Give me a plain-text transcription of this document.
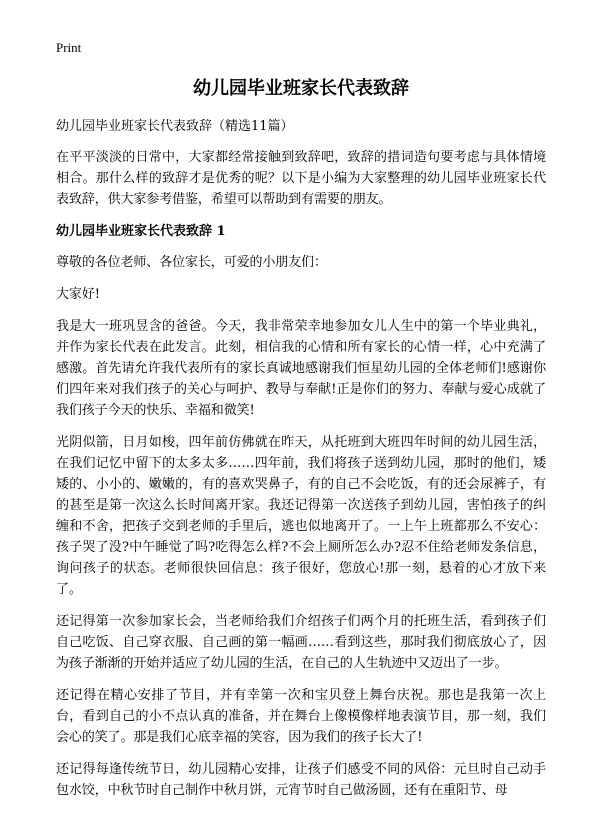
Print
幼儿园毕业班家长代表致辞
幼儿园毕业班家长代表致辞（精选11篇）

在平平淡淡的日常中，大家都经常接触到致辞吧，致辞的措词造句要考虑与具体情境相合。那什么样的致辞才是优秀的呢？以下是小编为大家整理的幼儿园毕业班家长代表致辞，供大家参考借鉴，希望可以帮助到有需要的朋友。

幼儿园毕业班家长代表致辞 1

尊敬的各位老师、各位家长，可爱的小朋友们：

大家好!

我是大一班巩昱含的爸爸。今天，我非常荣幸地参加女儿人生中的第一个毕业典礼，并作为家长代表在此发言。此刻，相信我的心情和所有家长的心情一样，心中充满了感激。首先请允许我代表所有的家长真诚地感谢我们恒星幼儿园的全体老师们!感谢你们四年来对我们孩子的关心与呵护、教导与奉献!正是你们的努力、奉献与爱心成就了我们孩子今天的快乐、幸福和微笑!

光阴似箭，日月如梭，四年前仿佛就在昨天，从托班到大班四年时间的幼儿园生活，在我们记忆中留下的太多太多……四年前，我们将孩子送到幼儿园，那时的他们，矮矮的、小小的、嫩嫩的，有的喜欢哭鼻子，有的自己不会吃饭，有的还会尿裤子，有的甚至是第一次这么长时间离开家。我还记得第一次送孩子到幼儿园，害怕孩子的纠缠和不舍，把孩子交到老师的手里后，逃也似地离开了。一上午上班都那么不安心：孩子哭了没?中午睡觉了吗?吃得怎么样?不会上厕所怎么办?忍不住给老师发条信息，询问孩子的状态。老师很快回信息：孩子很好，您放心!那一刻，悬着的心才放下来了。

还记得第一次参加家长会，当老师给我们介绍孩子们两个月的托班生活，看到孩子们自己吃饭、自己穿衣服、自己画的第一幅画……看到这些，那时我们彻底放心了，因为孩子渐渐的开始并适应了幼儿园的生活，在自己的人生轨迹中又迈出了一步。

还记得在精心安排了节目，并有幸第一次和宝贝登上舞台庆祝。那也是我第一次上台，看到自己的小不点认真的准备，并在舞台上像模像样地表演节目，那一刻，我们会心的笑了。那是我们心底幸福的笑容，因为我们的孩子长大了!

还记得每逢传统节日，幼儿园精心安排，让孩子们感受不同的风俗：元旦时自己动手包水饺，中秋节时自己制作中秋月饼，元宵节时自己做汤圆，还有在重阳节、母
